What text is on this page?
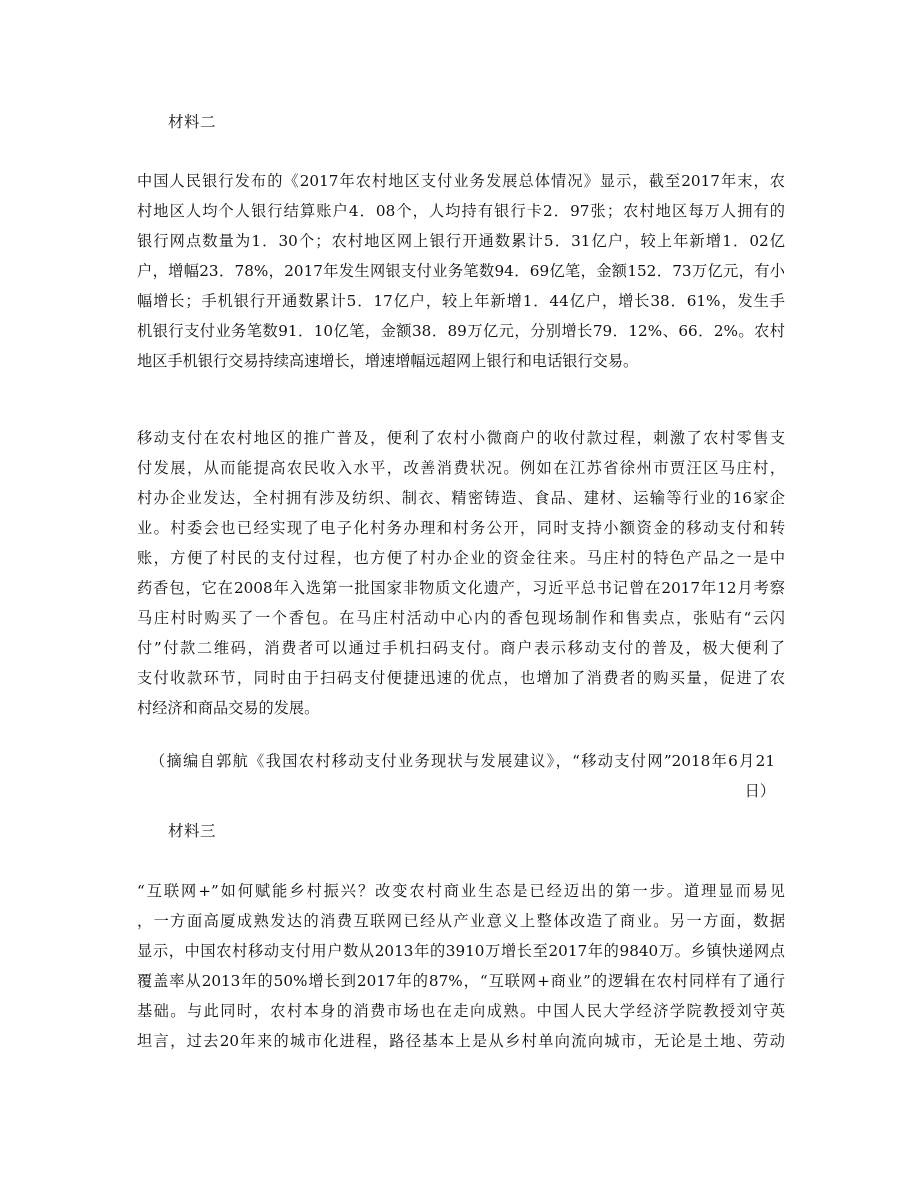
材料二
中国人民银行发布的《2017年农村地区支付业务发展总体情况》显示，截至2017年末，农
村地区人均个人银行结算账户4．08个，人均持有银行卡2．97张；农村地区每万人拥有的
银行网点数量为1．30个；农村地区网上银行开通数累计5．31亿户，较上年新增1．02亿
户，增幅23．78%，2017年发生网银支付业务笔数94．69亿笔，金额152．73万亿元，有小
幅增长；手机银行开通数累计5．17亿户，较上年新增1．44亿户，增长38．61%，发生手
机银行支付业务笔数91．10亿笔，金额38．89万亿元，分别增长79．12%、66．2%。农村
地区手机银行交易持续高速增长，增速增幅远超网上银行和电话银行交易。
移动支付在农村地区的推广普及，便利了农村小微商户的收付款过程，刺激了农村零售支
付发展，从而能提高农民收入水平，改善消费状况。例如在江苏省徐州市贾汪区马庄村，
村办企业发达，全村拥有涉及纺织、制衣、精密铸造、食品、建材、运输等行业的16家企
业。村委会也已经实现了电子化村务办理和村务公开，同时支持小额资金的移动支付和转
账，方便了村民的支付过程，也方便了村办企业的资金往来。马庄村的特色产品之一是中
药香包，它在2008年入选第一批国家非物质文化遗产，习近平总书记曾在2017年12月考察
马庄村时购买了一个香包。在马庄村活动中心内的香包现场制作和售卖点，张贴有“云闪
付”付款二维码，消费者可以通过手机扫码支付。商户表示移动支付的普及，极大便利了
支付收款环节，同时由于扫码支付便捷迅速的优点，也增加了消费者的购买量，促进了农
村经济和商品交易的发展。
（摘编自郭航《我国农村移动支付业务现状与发展建议》，“移动支付网”2018年6月21
日）
材料三
“互联网+”如何赋能乡村振兴？改变农村商业生态是已经迈出的第一步。道理显而易见
，一方面高厦成熟发达的消费互联网已经从产业意义上整体改造了商业。另一方面，数据
显示，中国农村移动支付用户数从2013年的3910万增长至2017年的9840万。乡镇快递网点
覆盖率从2013年的50%增长到2017年的87%，“互联网+商业”的逻辑在农村同样有了通行
基础。与此同时，农村本身的消费市场也在走向成熟。中国人民大学经济学院教授刘守英
坦言，过去20年来的城市化进程，路径基本上是从乡村单向流向城市，无论是土地、劳动
